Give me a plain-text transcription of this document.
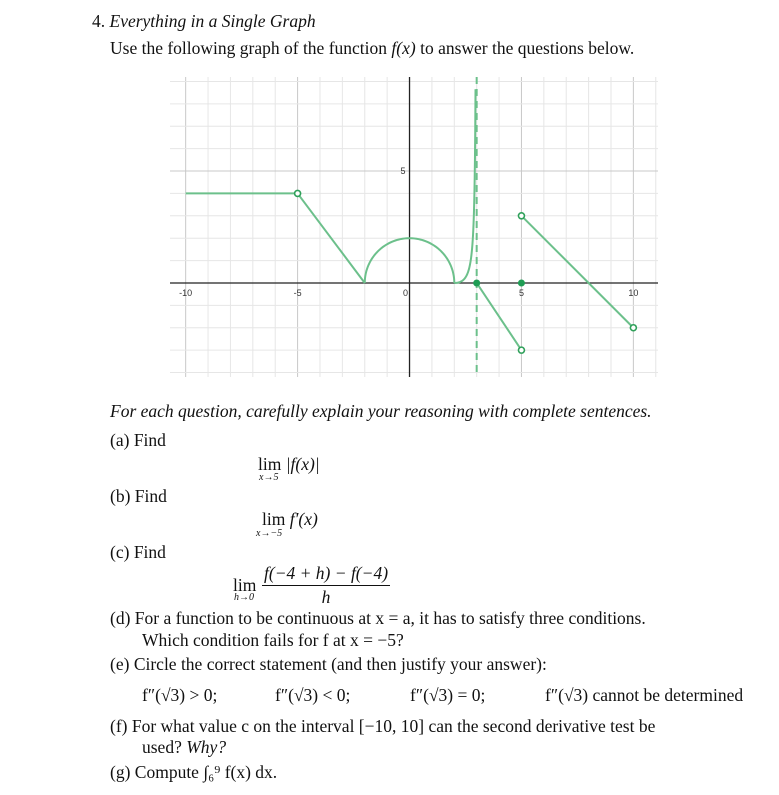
4. Everything in a Single Graph
Use the following graph of the function f(x) to answer the questions below.
-10	-5	0	5	10
5
For each question, carefully explain your reasoning with complete sentences.
(a) Find
lim |f(x)|
x→5
(b) Find
lim f′(x)
x→−5
(c) Find
lim
$h\to 0 \frac{f(-4 + h) - f(-4)}{h}$
(d) For a function to be continuous at x = a, it has to satisfy three conditions.
Which condition fails for f at x = −5?
(e) Circle the correct statement (and then justify your answer):
f″(√3) > 0;	f″(√3) < 0;	f″(√3) = 0;	f″(√3) cannot be determined
(f) For what value c on the interval [−10, 10] can the second derivative test be
used? Why?
(g) Compute ∫₆⁹ f(x) dx.
